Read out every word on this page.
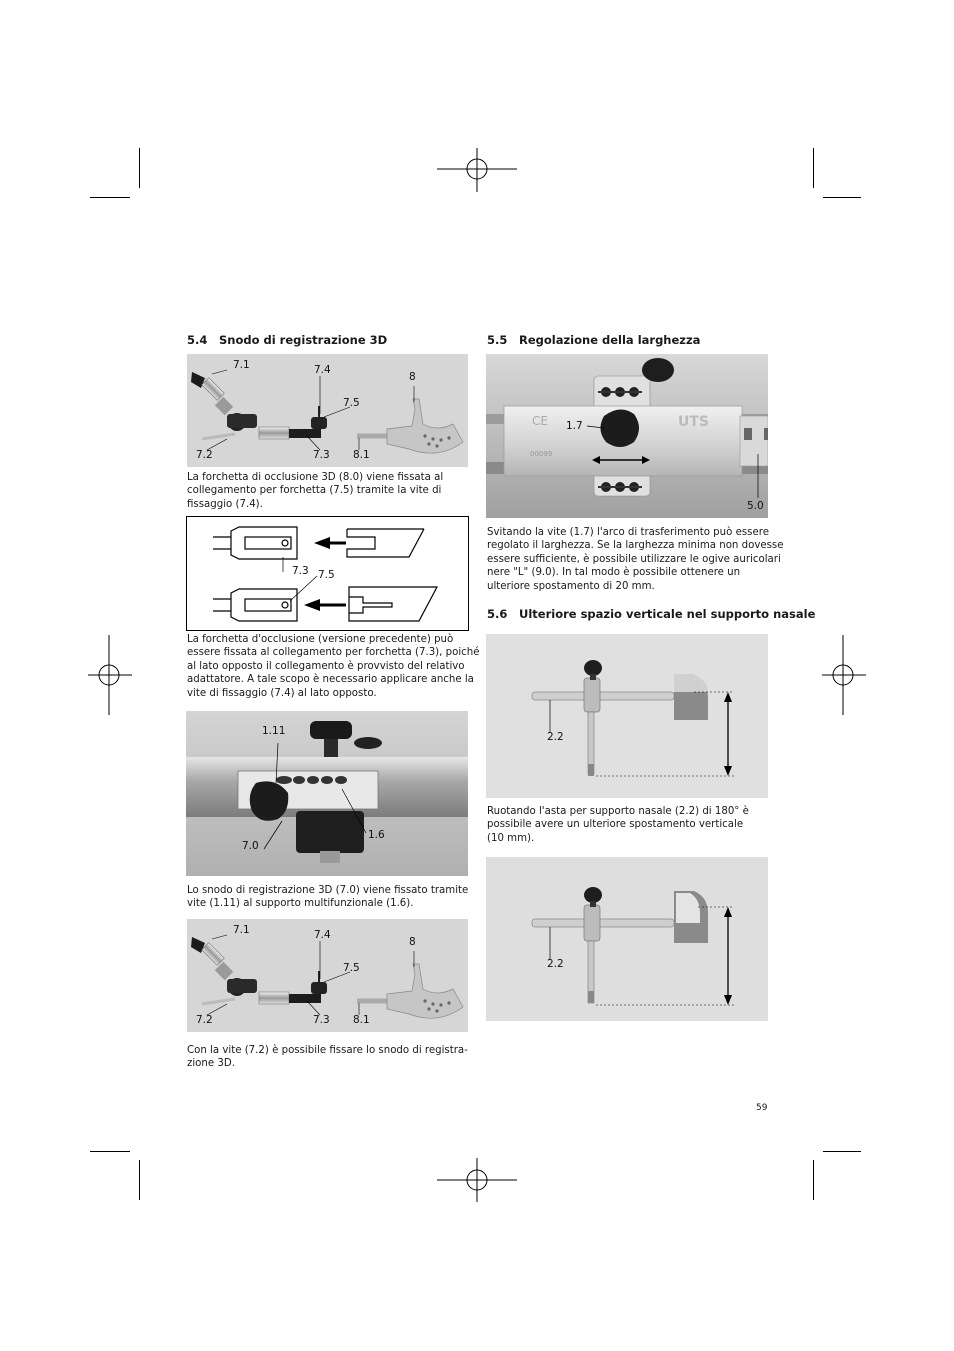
5.4 Snodo di registrazione 3D
7.1	7.4
8
7.5
7.2	7.3 8.1
La forchetta di occlusione 3D (8.0) viene fissata al
collegamento per forchetta (7.5) tramite la vite di
fissaggio (7.4).
7.3 7.5
La forchetta d'occlusione (versione precedente) può
essere fissata al collegamento per forchetta (7.3), poiché
al lato opposto il collegamento è provvisto del relativo
adattatore. A tale scopo è necessario applicare anche la
vite di fissaggio (7.4) al lato opposto.
1.11
1.6
7.0
Lo snodo di registrazione 3D (7.0) viene fissato tramite
vite (1.11) al supporto multifunzionale (1.6).
7.1	7.4
8
7.5
7.2	7.3 8.1
Con la vite (7.2) è possibile fissare lo snodo di registra-
zione 3D.
5.5 Regolazione della larghezza
CE	UTS
00099
1.7
5.0
Svitando la vite (1.7) l'arco di trasferimento può essere
regolato il larghezza. Se la larghezza minima non dovesse
essere sufficiente, è possibile utilizzare le ogive auricolari
nere "L" (9.0). In tal modo è possibile ottenere un
ulteriore spostamento di 20 mm.
5.6 Ulteriore spazio verticale nel supporto nasale
2.2
Ruotando l'asta per supporto nasale (2.2) di 180° è
possibile avere un ulteriore spostamento verticale
(10 mm).
2.2
59
